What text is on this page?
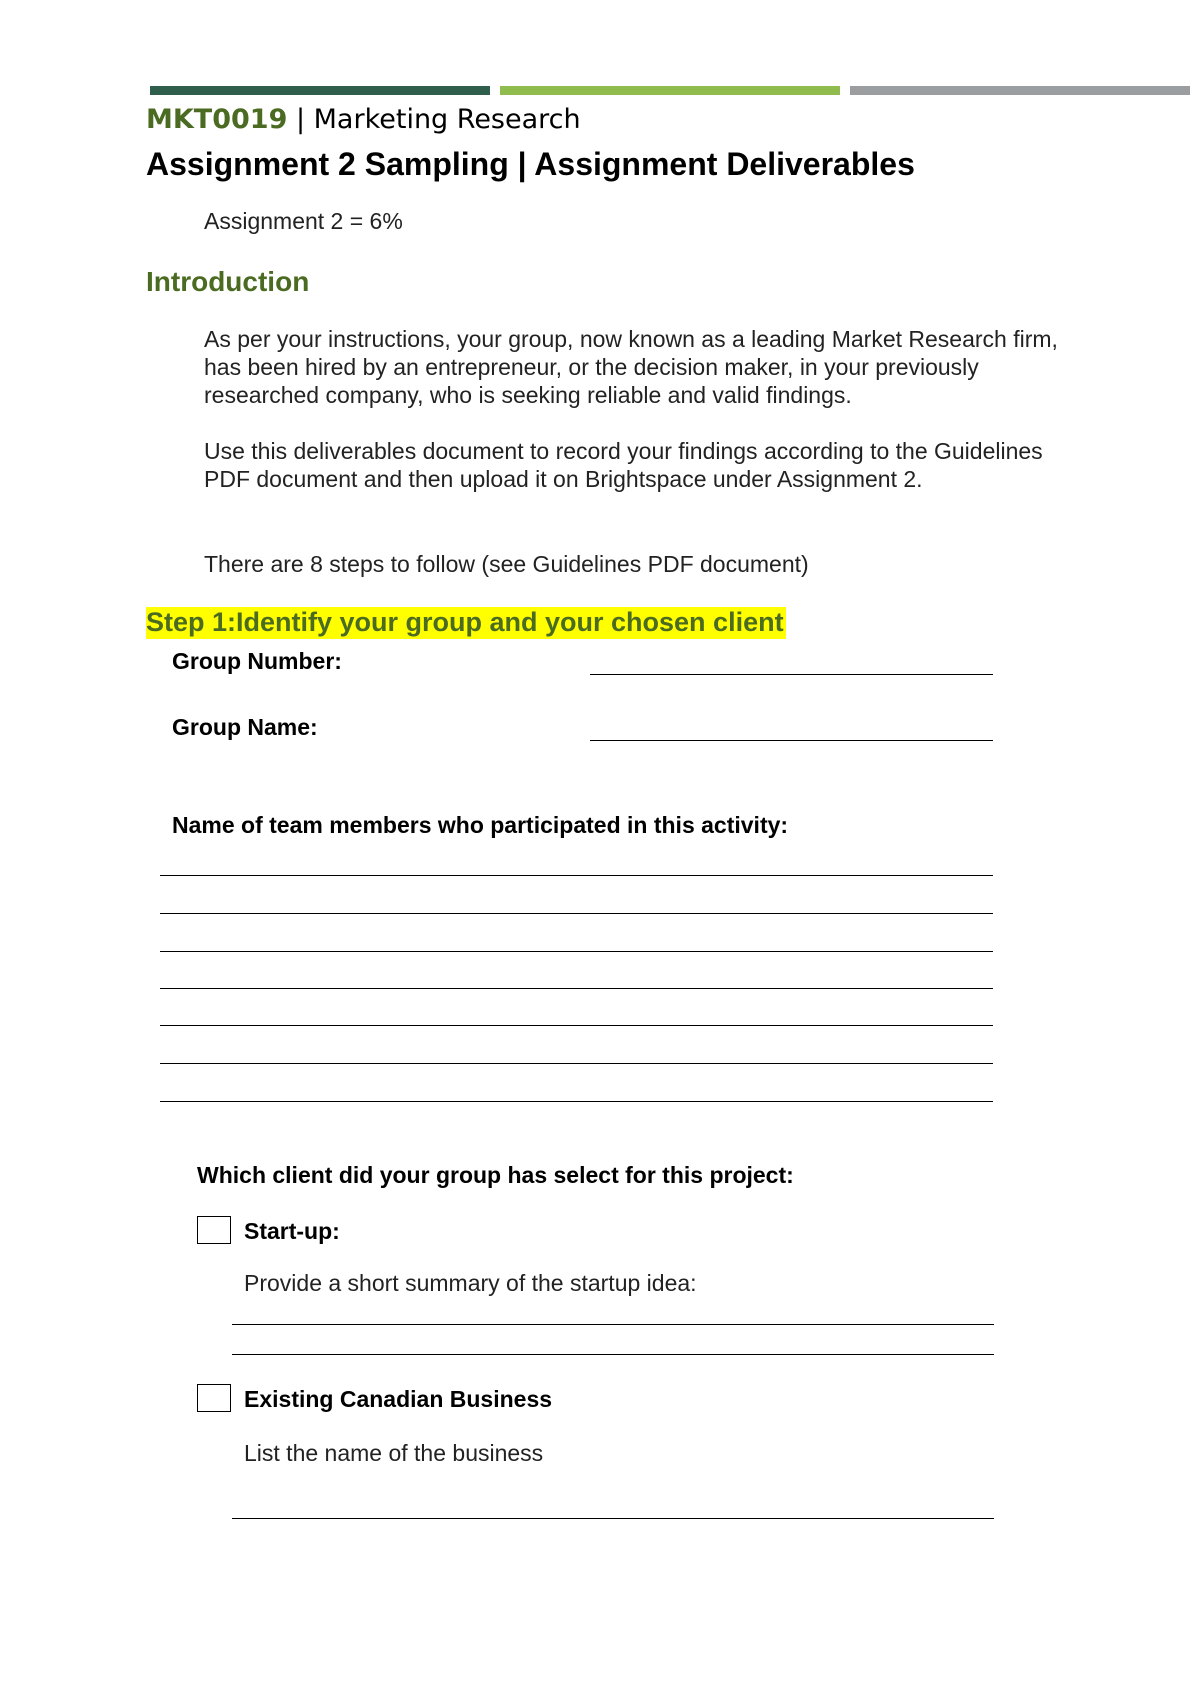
MKT0019 | Marketing Research
Assignment 2 Sampling | Assignment Deliverables
Assignment 2 = 6%
Introduction

As per your instructions, your group, now known as a leading Market Research firm, has been hired by an entrepreneur, or the decision maker, in your previously researched company, who is seeking reliable and valid findings.

Use this deliverables document to record your findings according to the Guidelines PDF document and then upload it on Brightspace under Assignment 2.

There are 8 steps to follow (see Guidelines PDF document)

Step 1:Identify your group and your chosen client
Group Number:
Group Name:
Name of team members who participated in this activity:
Which client did your group has select for this project:
Start-up:
Provide a short summary of the startup idea:
Existing Canadian Business
List the name of the business
